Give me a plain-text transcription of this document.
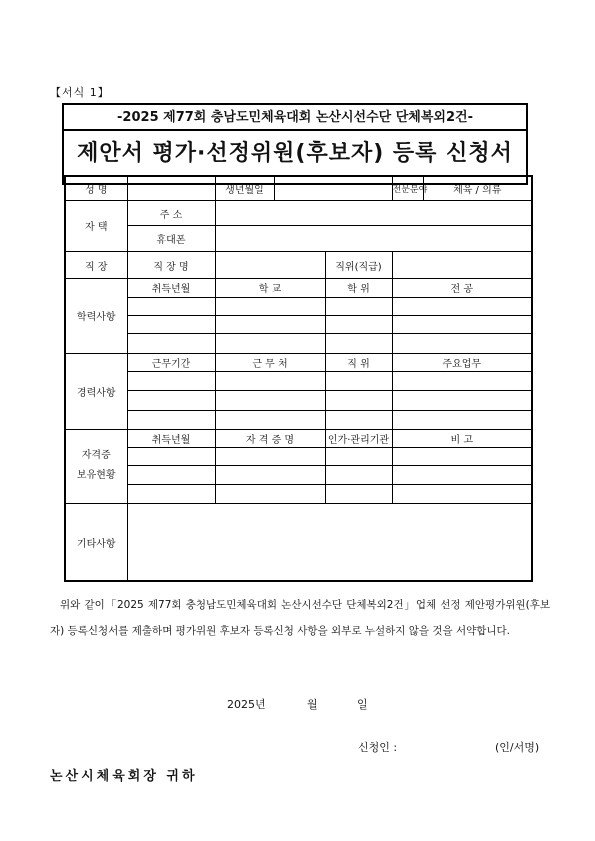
【서식 1】
-2025 제77회 충남도민체육대회 논산시선수단 단체복외2건-
제안서 평가·선정위원(후보자) 등록 신청서
성 명		생년월일			전문분야	체육 / 의류
자 택	주 소					
	휴대폰					
직 장	직 장 명			직위(직급)		
학력사항	취득년월	학 교		학 위	전 공	

경력사항	근무기간	근 무 처		직 위	주요업무	

자격증
보유현황	취득년월	자 격 증 명		인가·관리기관	비 고	

기타사항						
위와 같이「2025 제77회 충청남도민체육대회 논산시선수단 단체복외2건」업체 선정 제안평가위원(후보자) 등록신청서를 제출하며 평가위원 후보자 등록신청 사항을 외부로 누설하지 않을 것을 서약합니다.
2025년	월	일
신청인 :	(인/서명)
논산시체육회장 귀하
